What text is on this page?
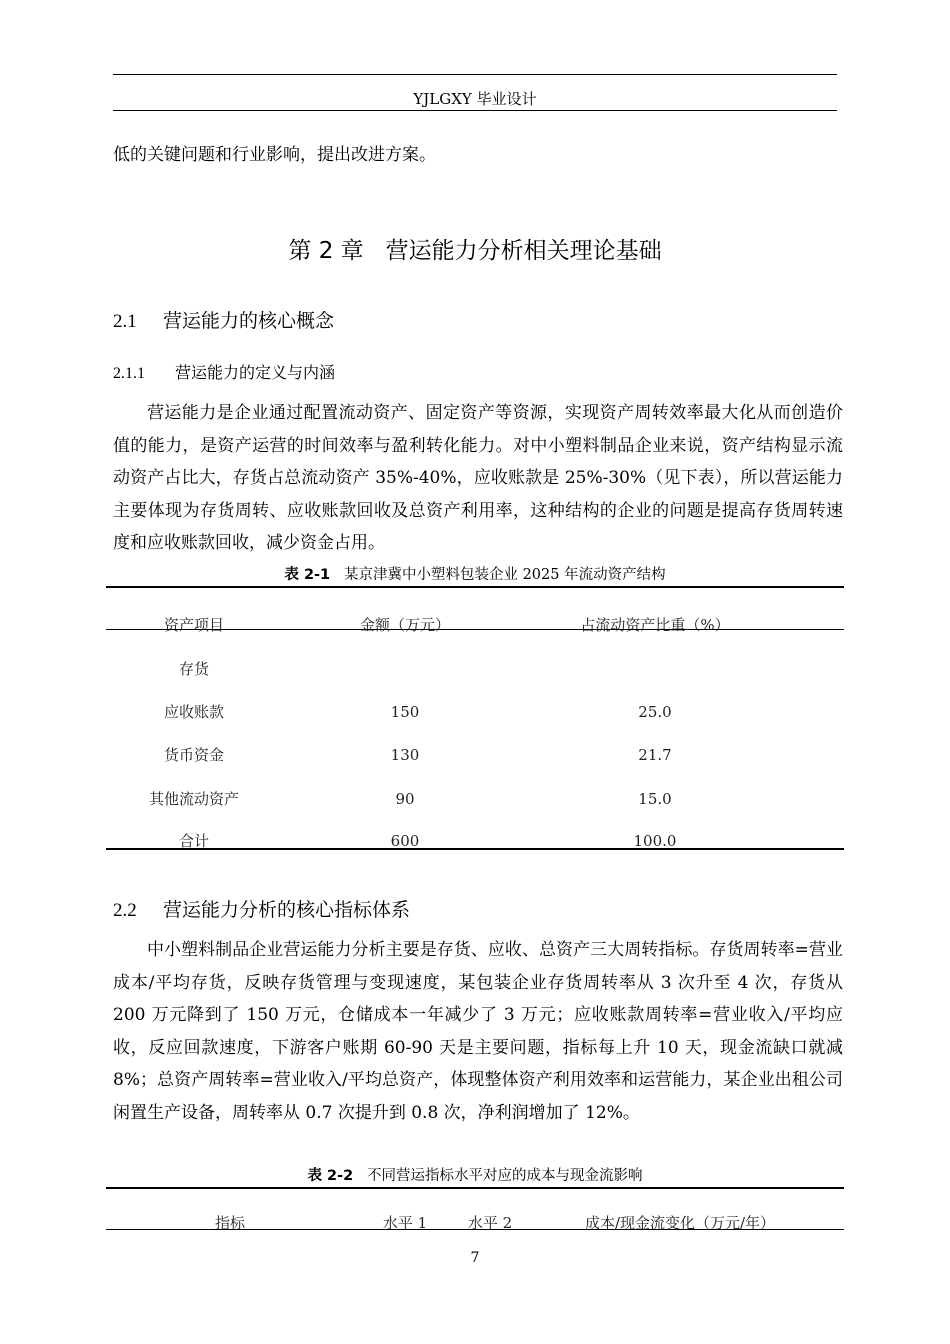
YJLGXY 毕业设计
低的关键问题和行业影响，提出改进方案。
第 2 章 营运能力分析相关理论基础
2.1 营运能力的核心概念
2.1.1 营运能力的定义与内涵
营运能力是企业通过配置流动资产、固定资产等资源，实现资产周转效率最大化从而创造价值的能力，是资产运营的时间效率与盈利转化能力。对中小塑料制品企业来说，资产结构显示流动资产占比大，存货占总流动资产 35%-40%，应收账款是 25%-30%（见下表），所以营运能力主要体现为存货周转、应收账款回收及总资产利用率，这种结构的企业的问题是提高存货周转速度和应收账款回收，减少资金占用。
表 2-1 某京津冀中小塑料包装企业 2025 年流动资产结构
资产项目	金额（万元）	占流动资产比重（%）
存货
应收账款	150	25.0
货币资金	130	21.7
其他流动资产	90	15.0
合计	600	100.0
2.2 营运能力分析的核心指标体系
中小塑料制品企业营运能力分析主要是存货、应收、总资产三大周转指标。存货周转率=营业成本/平均存货，反映存货管理与变现速度，某包装企业存货周转率从 3 次升至 4 次，存货从 200 万元降到了 150 万元，仓储成本一年减少了 3 万元；应收账款周转率=营业收入/平均应收，反应回款速度，下游客户账期 60-90 天是主要问题，指标每上升 10 天，现金流缺口就减 8%；总资产周转率=营业收入/平均总资产，体现整体资产利用效率和运营能力，某企业出租公司闲置生产设备，周转率从 0.7 次提升到 0.8 次，净利润增加了 12%。
表 2-2 不同营运指标水平对应的成本与现金流影响
指标	水平 1	水平 2	成本/现金流变化（万元/年）
7
